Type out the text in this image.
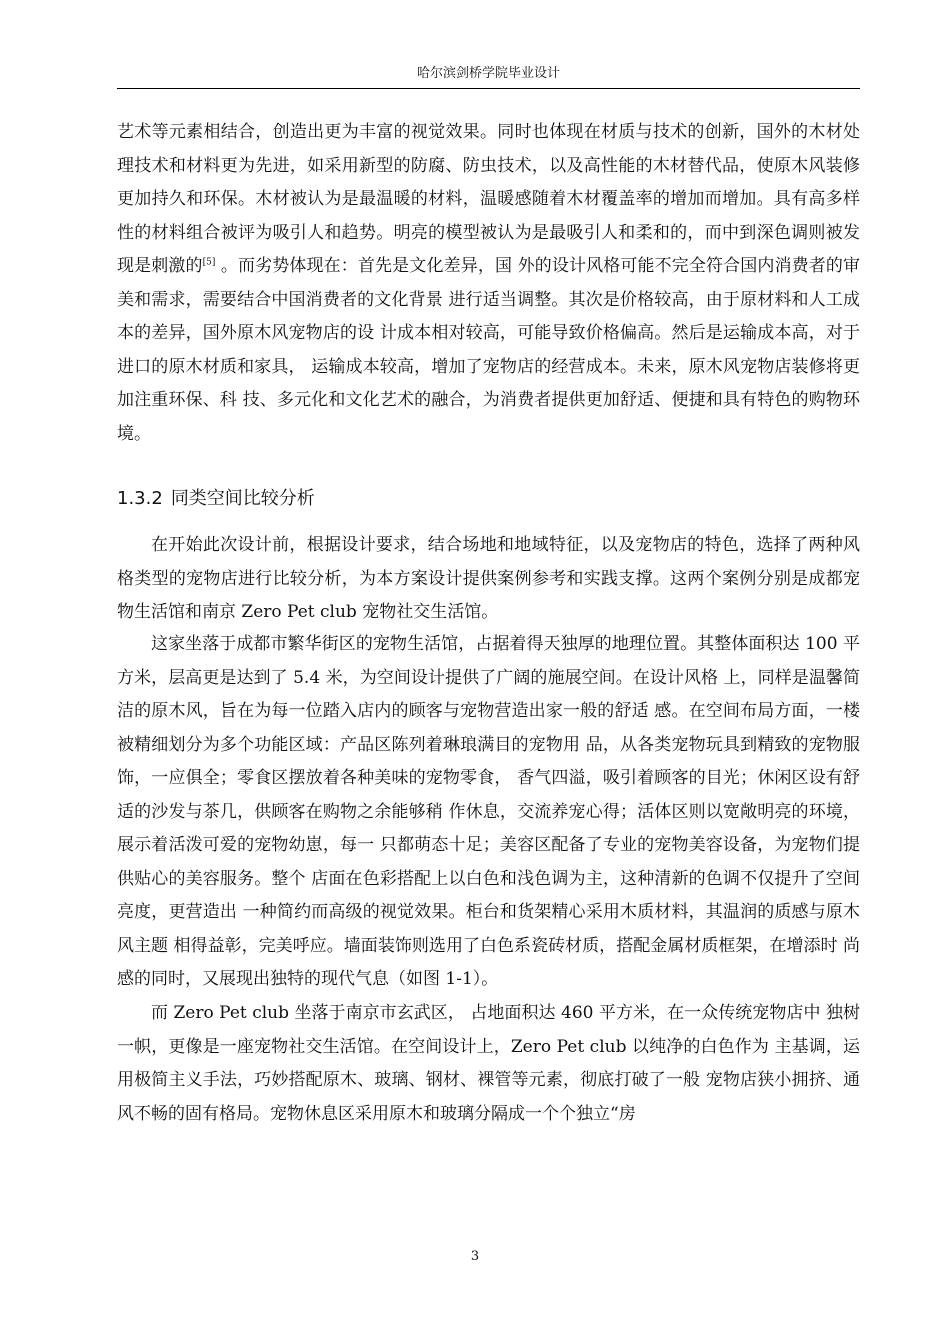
哈尔滨剑桥学院毕业设计

艺术等元素相结合，创造出更为丰富的视觉效果。同时也体现在材质与技术的创新，国外的木材处理技术和材料更为先进，如采用新型的防腐、防虫技术，以及高性能的木材替代品，使原木风装修更加持久和环保。木材被认为是最温暖的材料，温暖感随着木材覆盖率的增加而增加。具有高多样性的材料组合被评为吸引人和趋势。明亮的模型被认为是最吸引人和柔和的，而中到深色调则被发现是刺激的[5] 。而劣势体现在：首先是文化差异，国 外的设计风格可能不完全符合国内消费者的审美和需求，需要结合中国消费者的文化背景 进行适当调整。其次是价格较高，由于原材料和人工成本的差异，国外原木风宠物店的设 计成本相对较高，可能导致价格偏高。然后是运输成本高，对于进口的原木材质和家具， 运输成本较高，增加了宠物店的经营成本。未来，原木风宠物店装修将更加注重环保、科 技、多元化和文化艺术的融合，为消费者提供更加舒适、便捷和具有特色的购物环境。

1.3.2 同类空间比较分析

在开始此次设计前，根据设计要求，结合场地和地域特征，以及宠物店的特色，选择了两种风格类型的宠物店进行比较分析，为本方案设计提供案例参考和实践支撑。这两个案例分别是成都宠物生活馆和南京 Zero Pet club 宠物社交生活馆。

这家坐落于成都市繁华街区的宠物生活馆，占据着得天独厚的地理位置。其整体面积达 100 平方米，层高更是达到了 5.4 米，为空间设计提供了广阔的施展空间。在设计风格 上，同样是温馨简洁的原木风，旨在为每一位踏入店内的顾客与宠物营造出家一般的舒适 感。在空间布局方面，一楼被精细划分为多个功能区域：产品区陈列着琳琅满目的宠物用 品，从各类宠物玩具到精致的宠物服饰，一应俱全；零食区摆放着各种美味的宠物零食， 香气四溢，吸引着顾客的目光；休闲区设有舒适的沙发与茶几，供顾客在购物之余能够稍 作休息，交流养宠心得；活体区则以宽敞明亮的环境，展示着活泼可爱的宠物幼崽，每一 只都萌态十足；美容区配备了专业的宠物美容设备，为宠物们提供贴心的美容服务。整个 店面在色彩搭配上以白色和浅色调为主，这种清新的色调不仅提升了空间亮度，更营造出 一种简约而高级的视觉效果。柜台和货架精心采用木质材料，其温润的质感与原木风主题 相得益彰，完美呼应。墙面装饰则选用了白色系瓷砖材质，搭配金属材质框架，在增添时 尚感的同时，又展现出独特的现代气息（如图 1-1）。

而 Zero Pet club 坐落于南京市玄武区， 占地面积达 460 平方米，在一众传统宠物店中 独树一帜，更像是一座宠物社交生活馆。在空间设计上，Zero Pet club 以纯净的白色作为 主基调，运用极简主义手法，巧妙搭配原木、玻璃、钢材、裸管等元素，彻底打破了一般 宠物店狭小拥挤、通风不畅的固有格局。宠物休息区采用原木和玻璃分隔成一个个独立“房

3
